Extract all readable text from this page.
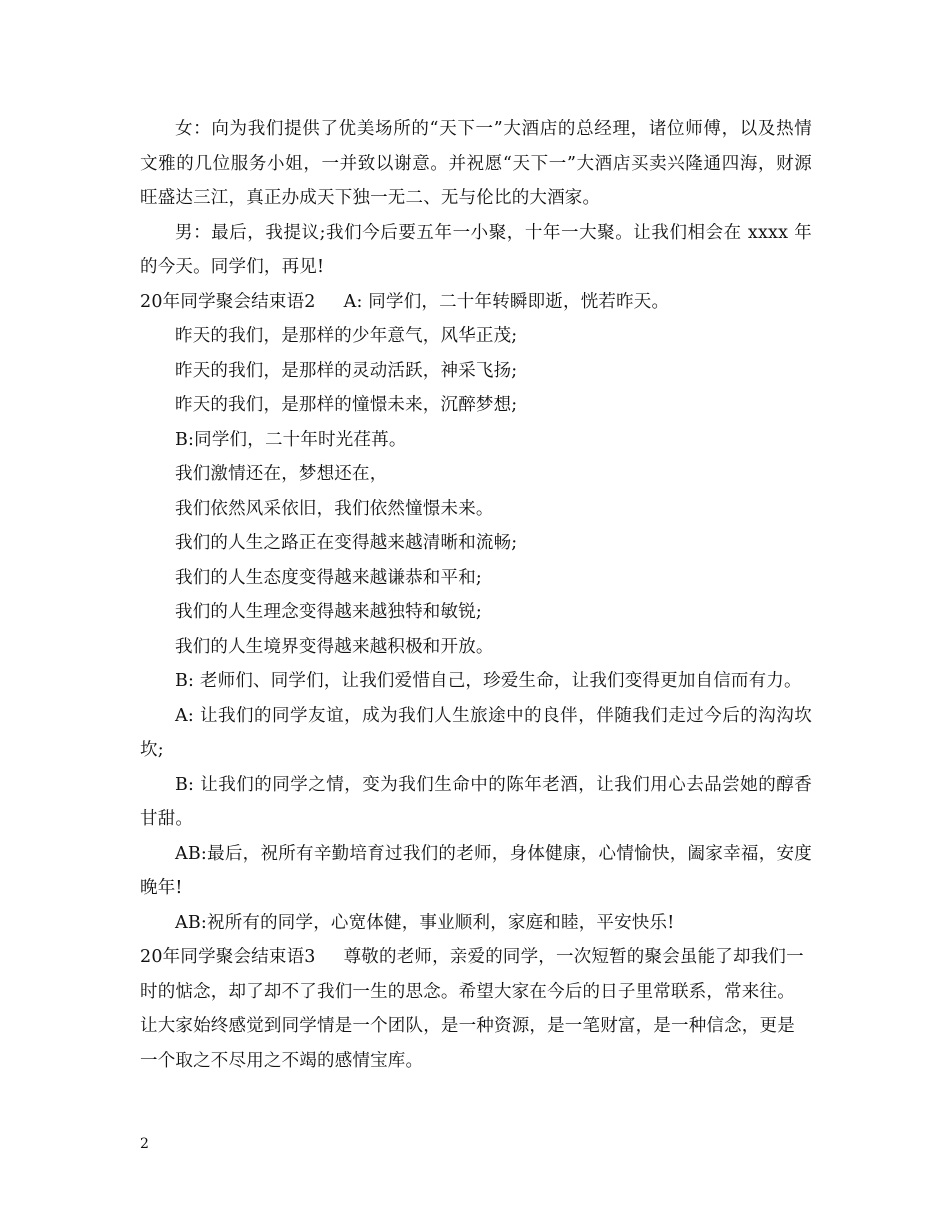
女：向为我们提供了优美场所的“天下一”大酒店的总经理，诸位师傅，以及热情文雅的几位服务小姐，一并致以谢意。并祝愿“天下一”大酒店买卖兴隆通四海，财源旺盛达三江，真正办成天下独一无二、无与伦比的大酒家。

男：最后，我提议;我们今后要五年一小聚，十年一大聚。让我们相会在 xxxx 年的今天。同学们，再见!

20年同学聚会结束语2 A: 同学们，二十年转瞬即逝，恍若昨天。

昨天的我们，是那样的少年意气，风华正茂;

昨天的我们，是那样的灵动活跃，神采飞扬;

昨天的我们，是那样的憧憬未来，沉醉梦想;

B:同学们，二十年时光荏苒。

我们激情还在，梦想还在，

我们依然风采依旧，我们依然憧憬未来。

我们的人生之路正在变得越来越清晰和流畅;

我们的人生态度变得越来越谦恭和平和;

我们的人生理念变得越来越独特和敏锐;

我们的人生境界变得越来越积极和开放。

B: 老师们、同学们，让我们爱惜自己，珍爱生命，让我们变得更加自信而有力。

A: 让我们的同学友谊，成为我们人生旅途中的良伴，伴随我们走过今后的沟沟坎坎;

B: 让我们的同学之情，变为我们生命中的陈年老酒，让我们用心去品尝她的醇香甘甜。

AB:最后，祝所有辛勤培育过我们的老师，身体健康，心情愉快，阖家幸福，安度晚年!

AB:祝所有的同学，心宽体健，事业顺利，家庭和睦，平安快乐!

20年同学聚会结束语3 尊敬的老师，亲爱的同学，一次短暂的聚会虽能了却我们一时的惦念，却了却不了我们一生的思念。希望大家在今后的日子里常联系，常来往。让大家始终感觉到同学情是一个团队，是一种资源，是一笔财富，是一种信念，更是一个取之不尽用之不竭的感情宝库。

2
